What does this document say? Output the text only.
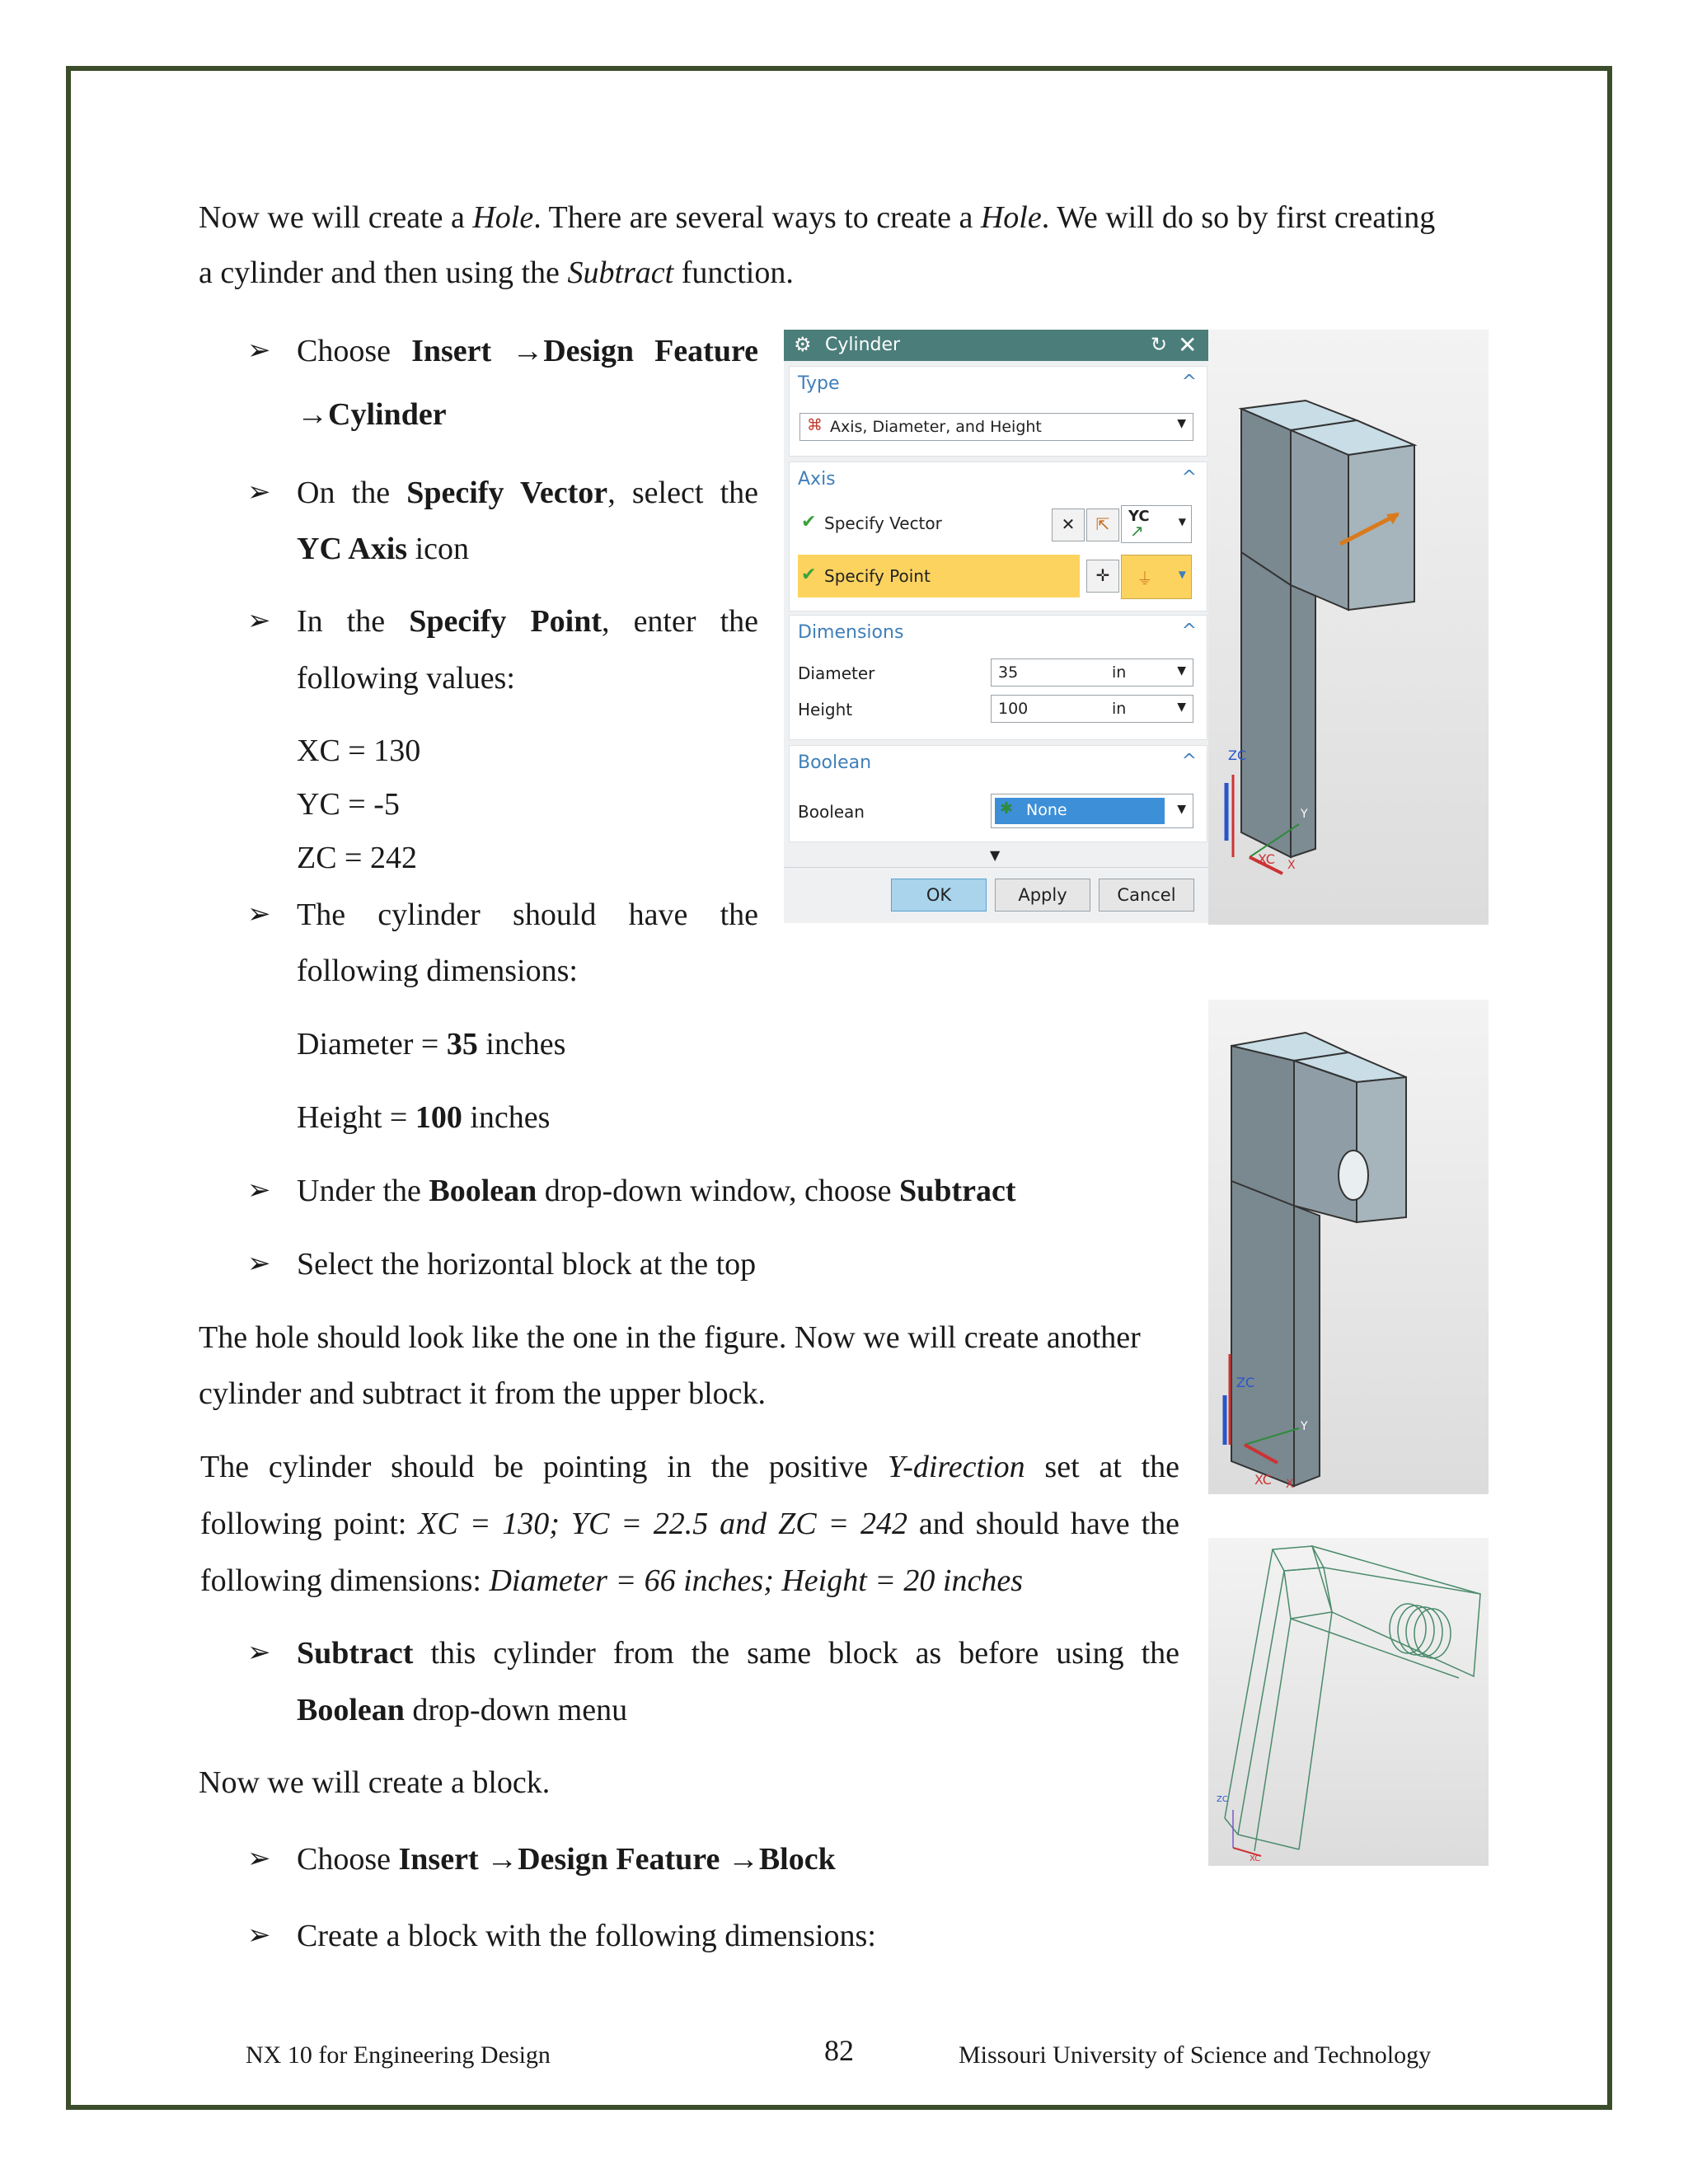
Now we will create a Hole. There are several ways to create a Hole. We will do so by first creating
a cylinder and then using the Subtract function.
➢ Choose Insert →Design Feature
→Cylinder
➢ On the Specify Vector, select the
YC Axis icon
➢ In the Specify Point, enter the
following values:
XC = 130
YC = -5
ZC = 242
➢ The cylinder should have the
following dimensions:
Diameter = 35 inches
Height = 100 inches
➢ Under the Boolean drop-down window, choose Subtract
➢ Select the horizontal block at the top
The hole should look like the one in the figure. Now we will create another
cylinder and subtract it from the upper block.
The cylinder should be pointing in the positive Y-direction set at the
following point: XC = 130; YC = 22.5 and ZC = 242 and should have the
following dimensions: Diameter = 66 inches; Height = 20 inches
➢ Subtract this cylinder from the same block as before using the
Boolean drop-down menu
Now we will create a block.
➢ Choose Insert →Design Feature →Block
➢ Create a block with the following dimensions:
⚙ Cylinder	↻ ✕
Type	^
⌘ Axis, Diameter, and Height	▼
Axis	^
✔ Specify Vector	✕	⇱	YC
↗	▼
✔ Specify Point	✛	⏚	▼
Dimensions	^
Diameter	35	in	▼
Height	100	in	▼
Boolean	^
Boolean	✱ None	▼
▼
OK	Apply	Cancel
ZC
XC
Y
X
ZC
XC
Y
X
ZC
XC
NX 10 for Engineering Design	82	Missouri University of Science and Technology
